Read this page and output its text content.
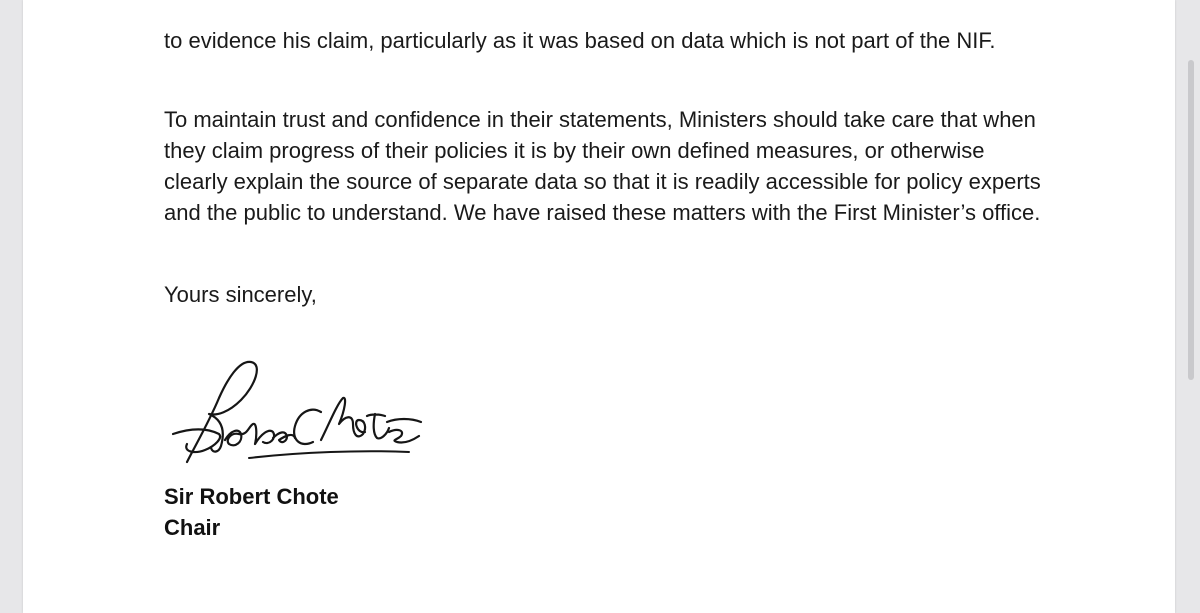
to evidence his claim, particularly as it was based on data which is not part of the NIF.

To maintain trust and confidence in their statements, Ministers should take care that when they claim progress of their policies it is by their own defined measures, or otherwise clearly explain the source of separate data so that it is readily accessible for policy experts and the public to understand. We have raised these matters with the First Minister’s office.

Yours sincerely,

Sir Robert Chote
Chair
